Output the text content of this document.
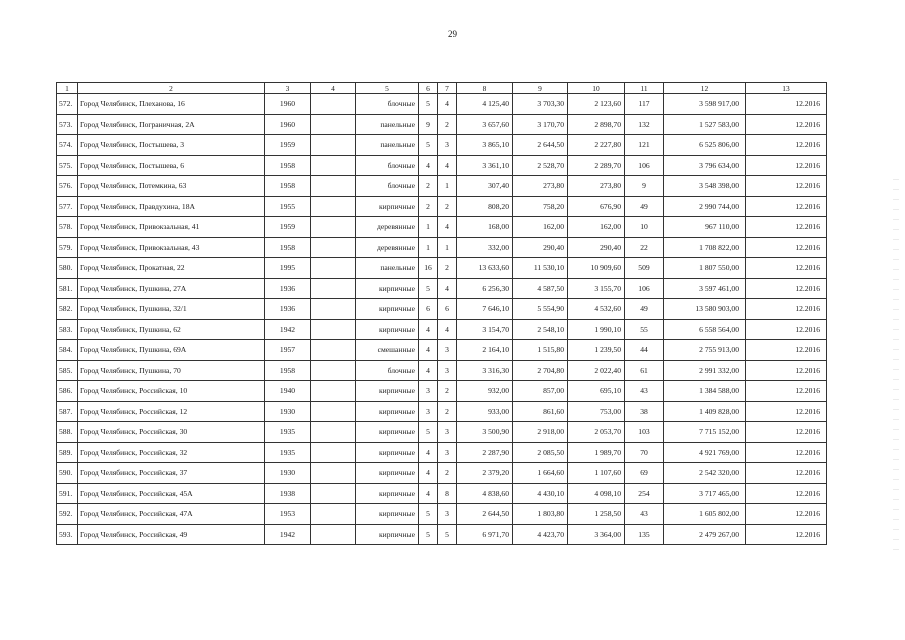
29
1	2	3	4	5	6	7	8	9	10	11	12	13
572.	Город Челябинск, Плеханова, 16	1960		блочные	5	4	4 125,40	3 703,30	2 123,60	117	3 598 917,00	12.2016
573.	Город Челябинск, Пограничная, 2А	1960		панельные	9	2	3 657,60	3 170,70	2 898,70	132	1 527 583,00	12.2016
574.	Город Челябинск, Постышева, 3	1959		панельные	5	3	3 865,10	2 644,50	2 227,80	121	6 525 806,00	12.2016
575.	Город Челябинск, Постышева, 6	1958		блочные	4	4	3 361,10	2 528,70	2 289,70	106	3 796 634,00	12.2016
576.	Город Челябинск, Потемкина, 63	1958		блочные	2	1	307,40	273,80	273,80	9	3 548 398,00	12.2016
577.	Город Челябинск, Правдухина, 18А	1955		кирпичные	2	2	808,20	758,20	676,90	49	2 990 744,00	12.2016
578.	Город Челябинск, Привокзальная, 41	1959		деревянные	1	4	168,00	162,00	162,00	10	967 110,00	12.2016
579.	Город Челябинск, Привокзальная, 43	1958		деревянные	1	1	332,00	290,40	290,40	22	1 708 822,00	12.2016
580.	Город Челябинск, Прокатная, 22	1995		панельные	16	2	13 633,60	11 530,10	10 909,60	509	1 807 550,00	12.2016
581.	Город Челябинск, Пушкина, 27А	1936		кирпичные	5	4	6 256,30	4 587,50	3 155,70	106	3 597 461,00	12.2016
582.	Город Челябинск, Пушкина, 32/1	1936		кирпичные	6	6	7 646,10	5 554,90	4 532,60	49	13 580 903,00	12.2016
583.	Город Челябинск, Пушкина, 62	1942		кирпичные	4	4	3 154,70	2 548,10	1 990,10	55	6 558 564,00	12.2016
584.	Город Челябинск, Пушкина, 69А	1957		смешанные	4	3	2 164,10	1 515,80	1 239,50	44	2 755 913,00	12.2016
585.	Город Челябинск, Пушкина, 70	1958		блочные	4	3	3 316,30	2 704,80	2 022,40	61	2 991 332,00	12.2016
586.	Город Челябинск, Российская, 10	1940		кирпичные	3	2	932,00	857,00	695,10	43	1 384 588,00	12.2016
587.	Город Челябинск, Российская, 12	1930		кирпичные	3	2	933,00	861,60	753,00	38	1 409 828,00	12.2016
588.	Город Челябинск, Российская, 30	1935		кирпичные	5	3	3 500,90	2 918,00	2 053,70	103	7 715 152,00	12.2016
589.	Город Челябинск, Российская, 32	1935		кирпичные	4	3	2 287,90	2 085,50	1 989,70	70	4 921 769,00	12.2016
590.	Город Челябинск, Российская, 37	1930		кирпичные	4	2	2 379,20	1 664,60	1 107,60	69	2 542 320,00	12.2016
591.	Город Челябинск, Российская, 45А	1938		кирпичные	4	8	4 838,60	4 430,10	4 098,10	254	3 717 465,00	12.2016
592.	Город Челябинск, Российская, 47А	1953		кирпичные	5	3	2 644,50	1 803,80	1 258,50	43	1 605 802,00	12.2016
593.	Город Челябинск, Российская, 49	1942		кирпичные	5	5	6 971,70	4 423,70	3 364,00	135	2 479 267,00	12.2016
